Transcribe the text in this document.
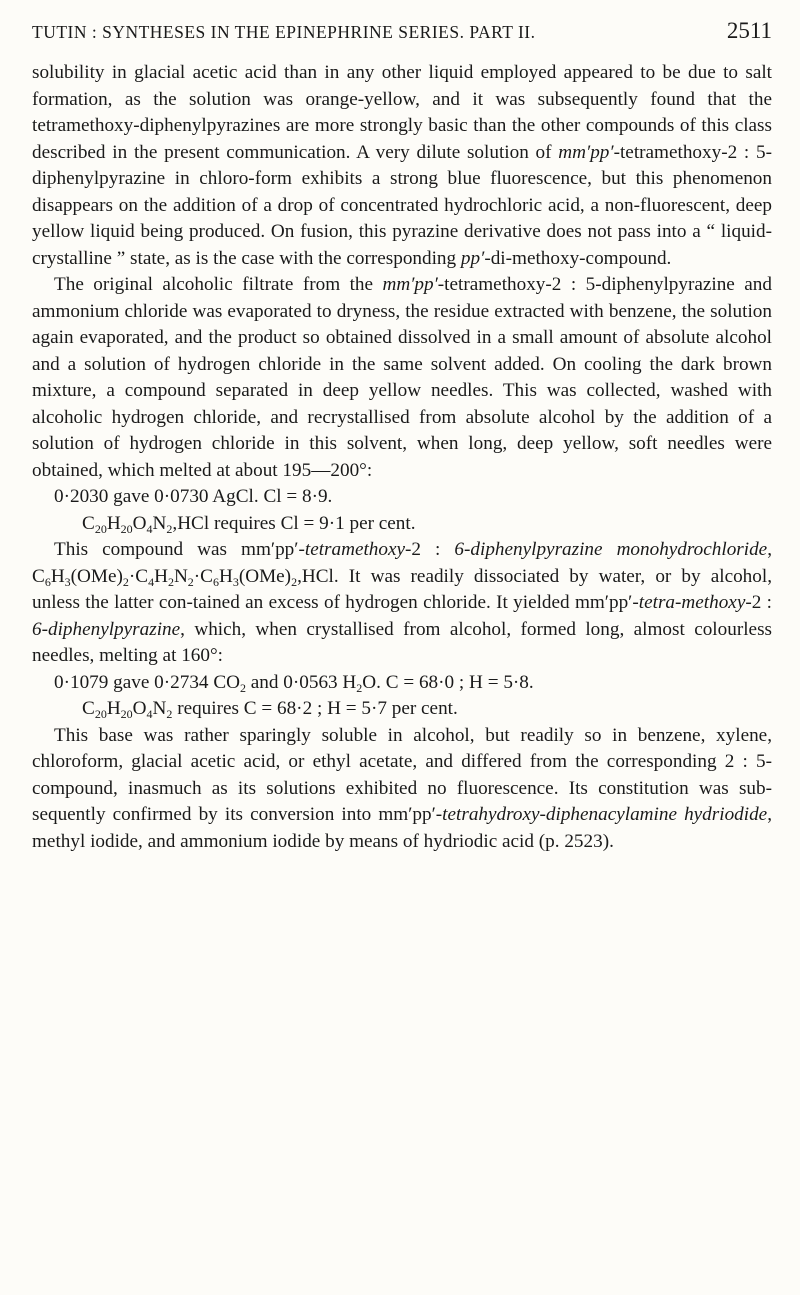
TUTIN : SYNTHESES IN THE EPINEPHRINE SERIES. PART II.	2511

solubility in glacial acetic acid than in any other liquid employed appeared to be due to salt formation, as the solution was orange-yellow, and it was subsequently found that the tetramethoxy-diphenylpyrazines are more strongly basic than the other compounds of this class described in the present communication. A very dilute solution of mm′pp′-tetramethoxy-2 : 5-diphenylpyrazine in chloro-form exhibits a strong blue fluorescence, but this phenomenon disappears on the addition of a drop of concentrated hydrochloric acid, a non-fluorescent, deep yellow liquid being produced. On fusion, this pyrazine derivative does not pass into a “ liquid-crystalline ” state, as is the case with the corresponding pp′-di-methoxy-compound.

The original alcoholic filtrate from the mm′pp′-tetramethoxy-2 : 5-diphenylpyrazine and ammonium chloride was evaporated to dryness, the residue extracted with benzene, the solution again evaporated, and the product so obtained dissolved in a small amount of absolute alcohol and a solution of hydrogen chloride in the same solvent added. On cooling the dark brown mixture, a compound separated in deep yellow needles. This was collected, washed with alcoholic hydrogen chloride, and recrystallised from absolute alcohol by the addition of a solution of hydrogen chloride in this solvent, when long, deep yellow, soft needles were obtained, which melted at about 195—200°:

0·2030 gave 0·0730 AgCl. Cl = 8·9.

$C_{20}H_{20}O_4N_2,HCl$ requires Cl = 9·1 per cent.

This compound was mm′pp′-tetramethoxy-2 : 6-diphenylpyrazine monohydrochloride, $C_6H_3(OMe)_2\cdot C_4H_2N_2\cdot C_6H_3(OMe)_2,HCl$. It was readily dissociated by water, or by alcohol, unless the latter con-tained an excess of hydrogen chloride. It yielded mm′pp′-tetra-methoxy-2 : 6-diphenylpyrazine, which, when crystallised from alcohol, formed long, almost colourless needles, melting at 160°:

0·1079 gave 0·2734 $CO_2$ and 0·0563 $H_2O$. C = 68·0 ; H = 5·8.

$C_{20}H_{20}O_4N_2$ requires C = 68·2 ; H = 5·7 per cent.

This base was rather sparingly soluble in alcohol, but readily so in benzene, xylene, chloroform, glacial acetic acid, or ethyl acetate, and differed from the corresponding 2 : 5-compound, inasmuch as its solutions exhibited no fluorescence. Its constitution was sub-sequently confirmed by its conversion into mm′pp′-tetrahydroxy-diphenacylamine hydriodide, methyl iodide, and ammonium iodide by means of hydriodic acid (p. 2523).
